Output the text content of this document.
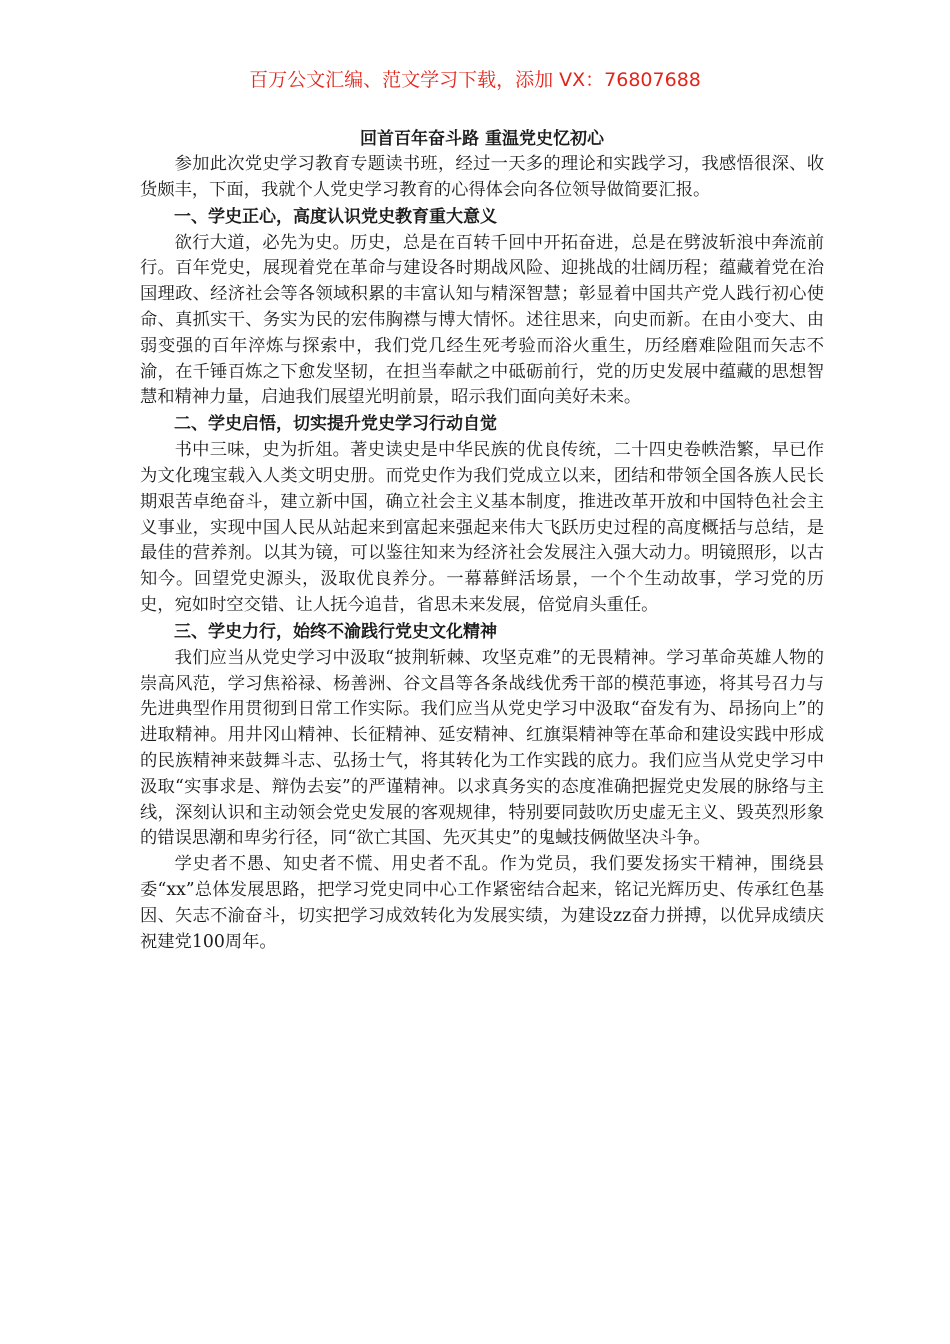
百万公文汇编、范文学习下载，添加 VX：76807688

回首百年奋斗路 重温党史忆初心

参加此次党史学习教育专题读书班，经过一天多的理论和实践学习，我感悟很深、收货颇丰，下面，我就个人党史学习教育的心得体会向各位领导做简要汇报。

一、学史正心，高度认识党史教育重大意义

欲行大道，必先为史。历史，总是在百转千回中开拓奋进，总是在劈波斩浪中奔流前行。百年党史，展现着党在革命与建设各时期战风险、迎挑战的壮阔历程；蕴藏着党在治国理政、经济社会等各领域积累的丰富认知与精深智慧；彰显着中国共产党人践行初心使命、真抓实干、务实为民的宏伟胸襟与博大情怀。述往思来，向史而新。在由小变大、由弱变强的百年淬炼与探索中，我们党几经生死考验而浴火重生，历经磨难险阻而矢志不渝，在千锤百炼之下愈发坚韧，在担当奉献之中砥砺前行，党的历史发展中蕴藏的思想智慧和精神力量，启迪我们展望光明前景，昭示我们面向美好未来。

二、学史启悟，切实提升党史学习行动自觉

书中三味，史为折俎。著史读史是中华民族的优良传统，二十四史卷帙浩繁，早已作为文化瑰宝载入人类文明史册。而党史作为我们党成立以来，团结和带领全国各族人民长期艰苦卓绝奋斗，建立新中国，确立社会主义基本制度，推进改革开放和中国特色社会主义事业，实现中国人民从站起来到富起来强起来伟大飞跃历史过程的高度概括与总结，是最佳的营养剂。以其为镜，可以鉴往知来为经济社会发展注入强大动力。明镜照形，以古知今。回望党史源头，汲取优良养分。一幕幕鲜活场景，一个个生动故事，学习党的历史，宛如时空交错、让人抚今追昔，省思未来发展，倍觉肩头重任。

三、学史力行，始终不渝践行党史文化精神

我们应当从党史学习中汲取“披荆斩棘、攻坚克难”的无畏精神。学习革命英雄人物的崇高风范，学习焦裕禄、杨善洲、谷文昌等各条战线优秀干部的模范事迹，将其号召力与先进典型作用贯彻到日常工作实际。我们应当从党史学习中汲取“奋发有为、昂扬向上”的进取精神。用井冈山精神、长征精神、延安精神、红旗渠精神等在革命和建设实践中形成的民族精神来鼓舞斗志、弘扬士气，将其转化为工作实践的底力。我们应当从党史学习中汲取“实事求是、辩伪去妄”的严谨精神。以求真务实的态度准确把握党史发展的脉络与主线，深刻认识和主动领会党史发展的客观规律，特别要同鼓吹历史虚无主义、毁英烈形象的错误思潮和卑劣行径，同“欲亡其国、先灭其史”的鬼蜮技俩做坚决斗争。

学史者不愚、知史者不慌、用史者不乱。作为党员，我们要发扬实干精神，围绕县委“xx”总体发展思路，把学习党史同中心工作紧密结合起来，铭记光辉历史、传承红色基因、矢志不渝奋斗，切实把学习成效转化为发展实绩，为建设zz奋力拼搏，以优异成绩庆祝建党100周年。
